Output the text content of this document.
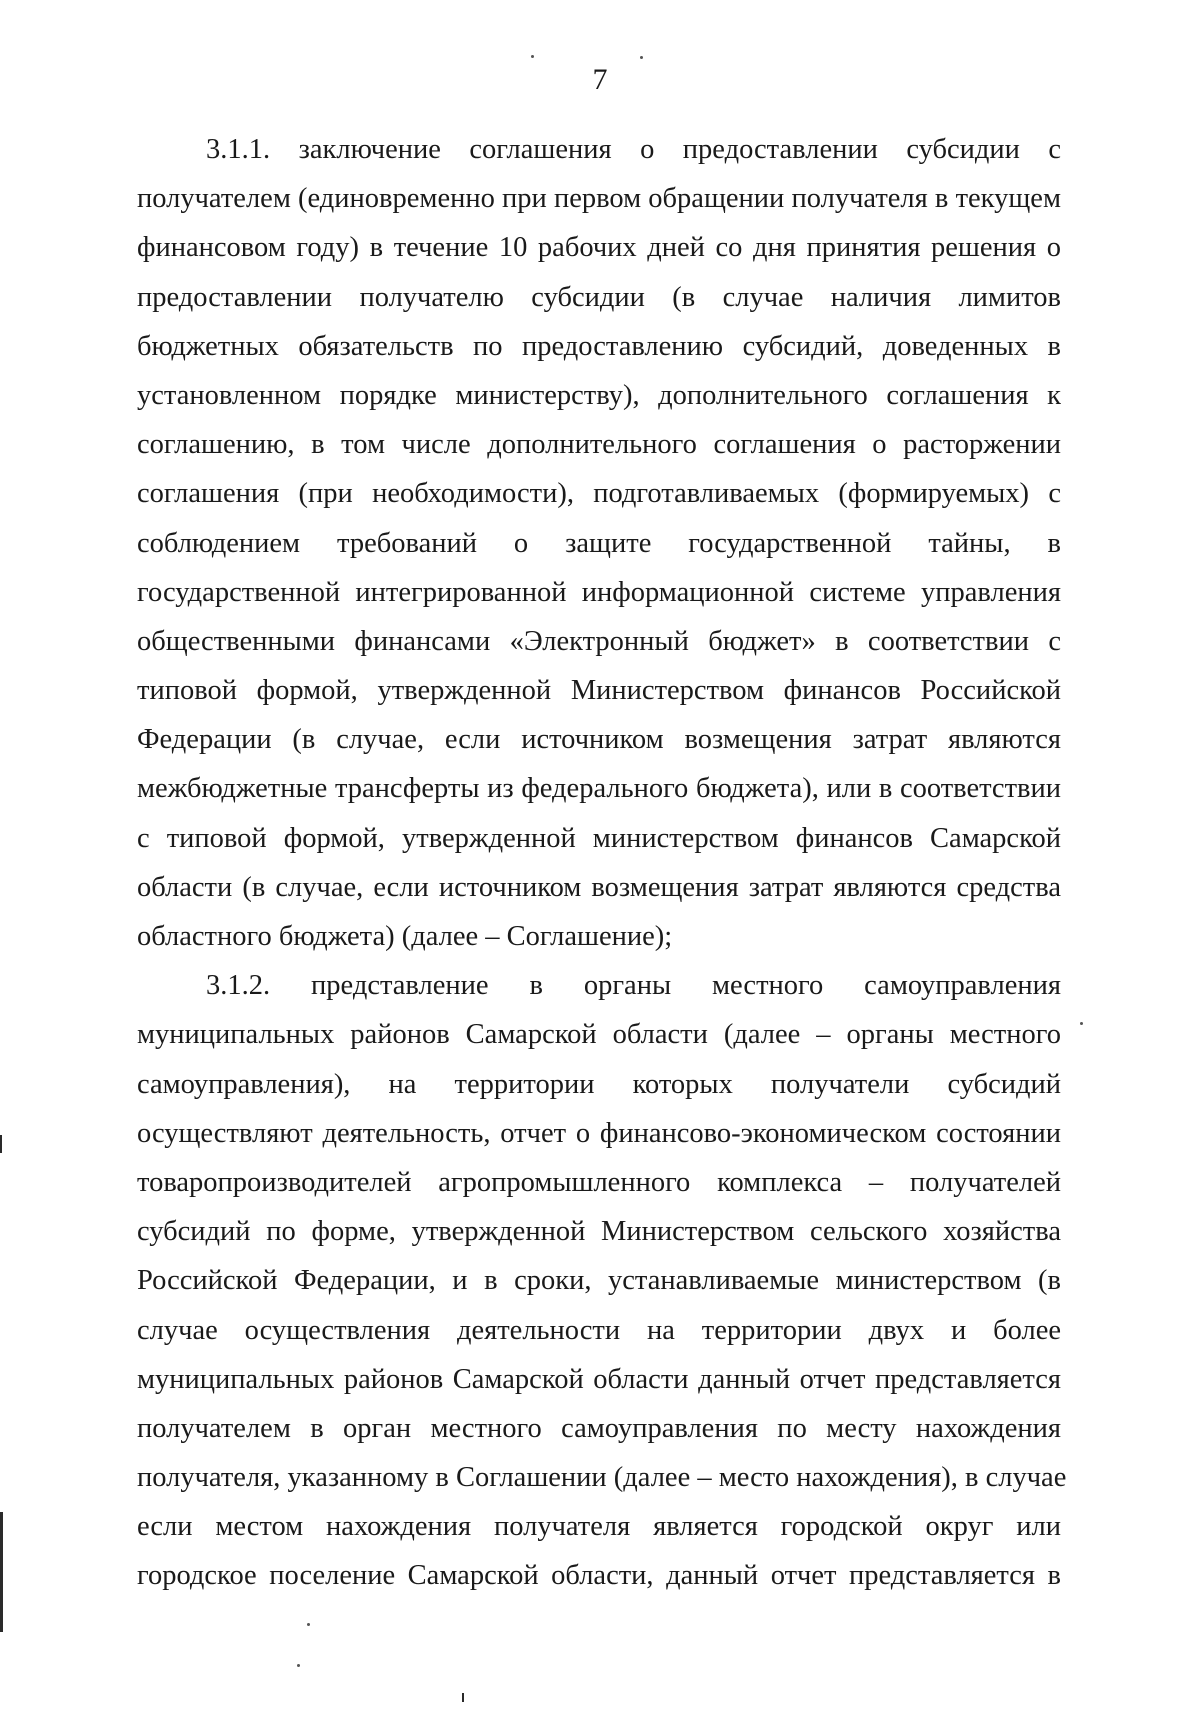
7
3.1.1. заключение соглашения о предоставлении субсидии с
получателем (единовременно при первом обращении получателя в текущем
финансовом году) в течение 10 рабочих дней со дня принятия решения о
предоставлении получателю субсидии (в случае наличия лимитов
бюджетных обязательств по предоставлению субсидий, доведенных в
установленном порядке министерству), дополнительного соглашения к
соглашению, в том числе дополнительного соглашения о расторжении
соглашения (при необходимости), подготавливаемых (формируемых) с
соблюдением требований о защите государственной тайны, в
государственной интегрированной информационной системе управления
общественными финансами «Электронный бюджет» в соответствии с
типовой формой, утвержденной Министерством финансов Российской
Федерации (в случае, если источником возмещения затрат являются
межбюджетные трансферты из федерального бюджета), или в соответствии
с типовой формой, утвержденной министерством финансов Самарской
области (в случае, если источником возмещения затрат являются средства
областного бюджета) (далее – Соглашение);
3.1.2. представление в органы местного самоуправления
муниципальных районов Самарской области (далее – органы местного
самоуправления), на территории которых получатели субсидий
осуществляют деятельность, отчет о финансово-экономическом состоянии
товаропроизводителей агропромышленного комплекса – получателей
субсидий по форме, утвержденной Министерством сельского хозяйства
Российской Федерации, и в сроки, устанавливаемые министерством (в
случае осуществления деятельности на территории двух и более
муниципальных районов Самарской области данный отчет представляется
получателем в орган местного самоуправления по месту нахождения
получателя, указанному в Соглашении (далее – место нахождения), в случае
если местом нахождения получателя является городской округ или
городское поселение Самарской области, данный отчет представляется в
